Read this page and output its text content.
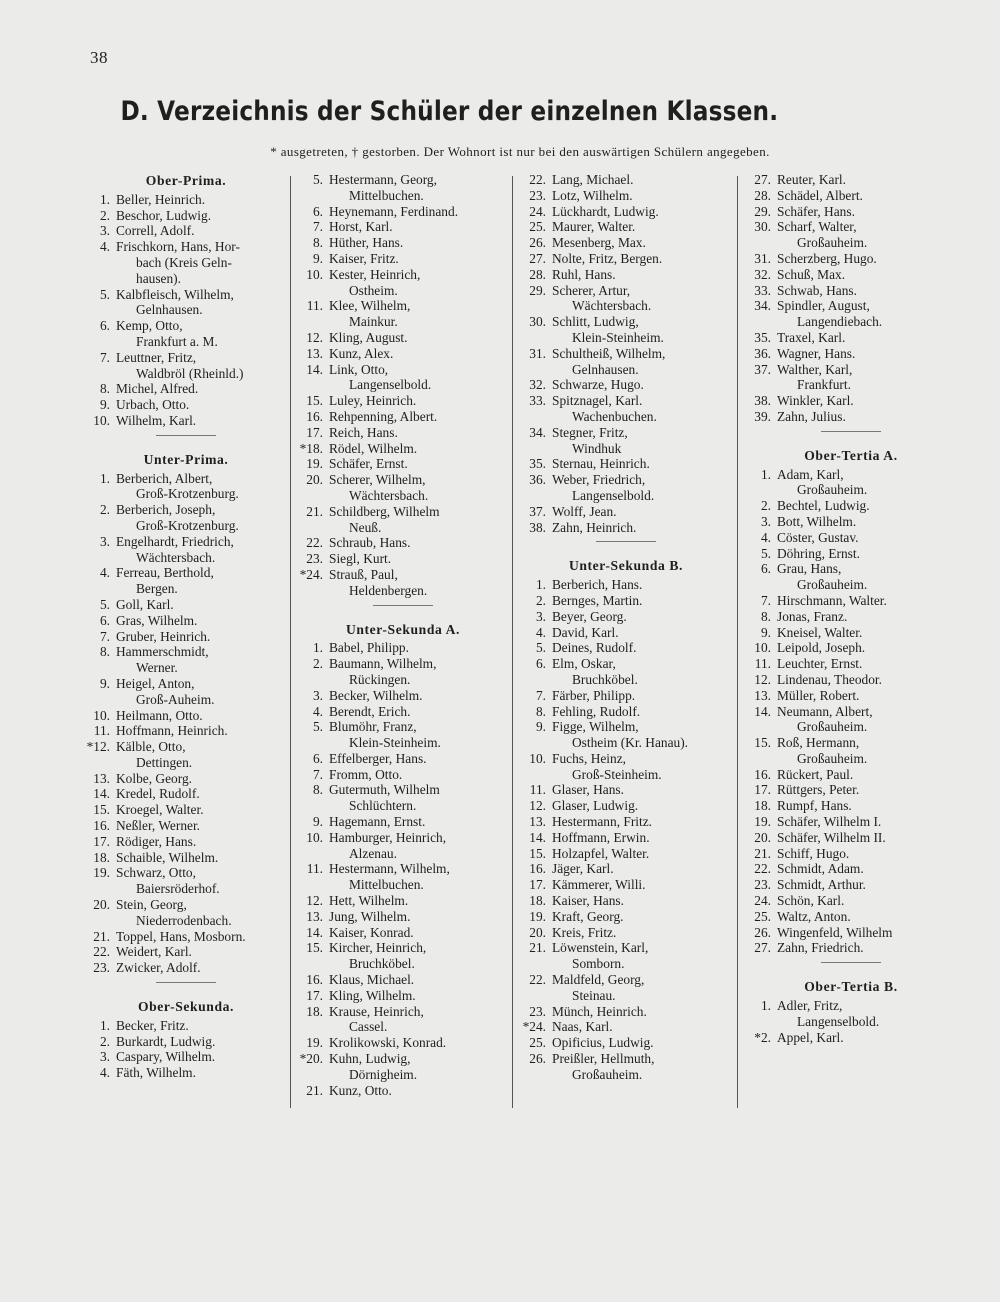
38
D. Verzeichnis der Schüler der einzelnen Klassen.
* ausgetreten, † gestorben. Der Wohnort ist nur bei den auswärtigen Schülern angegeben.
Ober-Prima.
1. Beller, Heinrich.
2. Beschor, Ludwig.
3. Correll, Adolf.
4. Frischkorn, Hans, Hor-
bach (Kreis Geln-
hausen).
5. Kalbfleisch, Wilhelm,
Gelnhausen.
6. Kemp, Otto,
Frankfurt a. M.
7. Leuttner, Fritz,
Waldbröl (Rheinld.)
8. Michel, Alfred.
9. Urbach, Otto.
10. Wilhelm, Karl.
Unter-Prima.
1. Berberich, Albert,
Groß-Krotzenburg.
2. Berberich, Joseph,
Groß-Krotzenburg.
3. Engelhardt, Friedrich,
Wächtersbach.
4. Ferreau, Berthold,
Bergen.
5. Goll, Karl.
6. Gras, Wilhelm.
7. Gruber, Heinrich.
8. Hammerschmidt,
Werner.
9. Heigel, Anton,
Groß-Auheim.
10. Heilmann, Otto.
11. Hoffmann, Heinrich.
*12. Kälble, Otto,
Dettingen.
13. Kolbe, Georg.
14. Kredel, Rudolf.
15. Kroegel, Walter.
16. Neßler, Werner.
17. Rödiger, Hans.
18. Schaible, Wilhelm.
19. Schwarz, Otto,
Baiersröderhof.
20. Stein, Georg,
Niederrodenbach.
21. Toppel, Hans, Mosborn.
22. Weidert, Karl.
23. Zwicker, Adolf.
Ober-Sekunda.
1. Becker, Fritz.
2. Burkardt, Ludwig.
3. Caspary, Wilhelm.
4. Fäth, Wilhelm.
5. Hestermann, Georg,
Mittelbuchen.
6. Heynemann, Ferdinand.
7. Horst, Karl.
8. Hüther, Hans.
9. Kaiser, Fritz.
10. Kester, Heinrich,
Ostheim.
11. Klee, Wilhelm,
Mainkur.
12. Kling, August.
13. Kunz, Alex.
14. Link, Otto,
Langenselbold.
15. Luley, Heinrich.
16. Rehpenning, Albert.
17. Reich, Hans.
*18. Rödel, Wilhelm.
19. Schäfer, Ernst.
20. Scherer, Wilhelm,
Wächtersbach.
21. Schildberg, Wilhelm
Neuß.
22. Schraub, Hans.
23. Siegl, Kurt.
*24. Strauß, Paul,
Heldenbergen.
Unter-Sekunda A.
1. Babel, Philipp.
2. Baumann, Wilhelm,
Rückingen.
3. Becker, Wilhelm.
4. Berendt, Erich.
5. Blumöhr, Franz,
Klein-Steinheim.
6. Effelberger, Hans.
7. Fromm, Otto.
8. Gutermuth, Wilhelm
Schlüchtern.
9. Hagemann, Ernst.
10. Hamburger, Heinrich,
Alzenau.
11. Hestermann, Wilhelm,
Mittelbuchen.
12. Hett, Wilhelm.
13. Jung, Wilhelm.
14. Kaiser, Konrad.
15. Kircher, Heinrich,
Bruchköbel.
16. Klaus, Michael.
17. Kling, Wilhelm.
18. Krause, Heinrich,
Cassel.
19. Krolikowski, Konrad.
*20. Kuhn, Ludwig,
Dörnigheim.
21. Kunz, Otto.
22. Lang, Michael.
23. Lotz, Wilhelm.
24. Lückhardt, Ludwig.
25. Maurer, Walter.
26. Mesenberg, Max.
27. Nolte, Fritz, Bergen.
28. Ruhl, Hans.
29. Scherer, Artur,
Wächtersbach.
30. Schlitt, Ludwig,
Klein-Steinheim.
31. Schultheiß, Wilhelm,
Gelnhausen.
32. Schwarze, Hugo.
33. Spitznagel, Karl.
Wachenbuchen.
34. Stegner, Fritz,
Windhuk
35. Sternau, Heinrich.
36. Weber, Friedrich,
Langenselbold.
37. Wolff, Jean.
38. Zahn, Heinrich.
Unter-Sekunda B.
1. Berberich, Hans.
2. Bernges, Martin.
3. Beyer, Georg.
4. David, Karl.
5. Deines, Rudolf.
6. Elm, Oskar,
Bruchköbel.
7. Färber, Philipp.
8. Fehling, Rudolf.
9. Figge, Wilhelm,
Ostheim (Kr. Hanau).
10. Fuchs, Heinz,
Groß-Steinheim.
11. Glaser, Hans.
12. Glaser, Ludwig.
13. Hestermann, Fritz.
14. Hoffmann, Erwin.
15. Holzapfel, Walter.
16. Jäger, Karl.
17. Kämmerer, Willi.
18. Kaiser, Hans.
19. Kraft, Georg.
20. Kreis, Fritz.
21. Löwenstein, Karl,
Somborn.
22. Maldfeld, Georg,
Steinau.
23. Münch, Heinrich.
*24. Naas, Karl.
25. Opificius, Ludwig.
26. Preißler, Hellmuth,
Großauheim.
27. Reuter, Karl.
28. Schädel, Albert.
29. Schäfer, Hans.
30. Scharf, Walter,
Großauheim.
31. Scherzberg, Hugo.
32. Schuß, Max.
33. Schwab, Hans.
34. Spindler, August,
Langendiebach.
35. Traxel, Karl.
36. Wagner, Hans.
37. Walther, Karl,
Frankfurt.
38. Winkler, Karl.
39. Zahn, Julius.
Ober-Tertia A.
1. Adam, Karl,
Großauheim.
2. Bechtel, Ludwig.
3. Bott, Wilhelm.
4. Cöster, Gustav.
5. Döhring, Ernst.
6. Grau, Hans,
Großauheim.
7. Hirschmann, Walter.
8. Jonas, Franz.
9. Kneisel, Walter.
10. Leipold, Joseph.
11. Leuchter, Ernst.
12. Lindenau, Theodor.
13. Müller, Robert.
14. Neumann, Albert,
Großauheim.
15. Roß, Hermann,
Großauheim.
16. Rückert, Paul.
17. Rüttgers, Peter.
18. Rumpf, Hans.
19. Schäfer, Wilhelm I.
20. Schäfer, Wilhelm II.
21. Schiff, Hugo.
22. Schmidt, Adam.
23. Schmidt, Arthur.
24. Schön, Karl.
25. Waltz, Anton.
26. Wingenfeld, Wilhelm
27. Zahn, Friedrich.
Ober-Tertia B.
1. Adler, Fritz,
Langenselbold.
*2. Appel, Karl.
